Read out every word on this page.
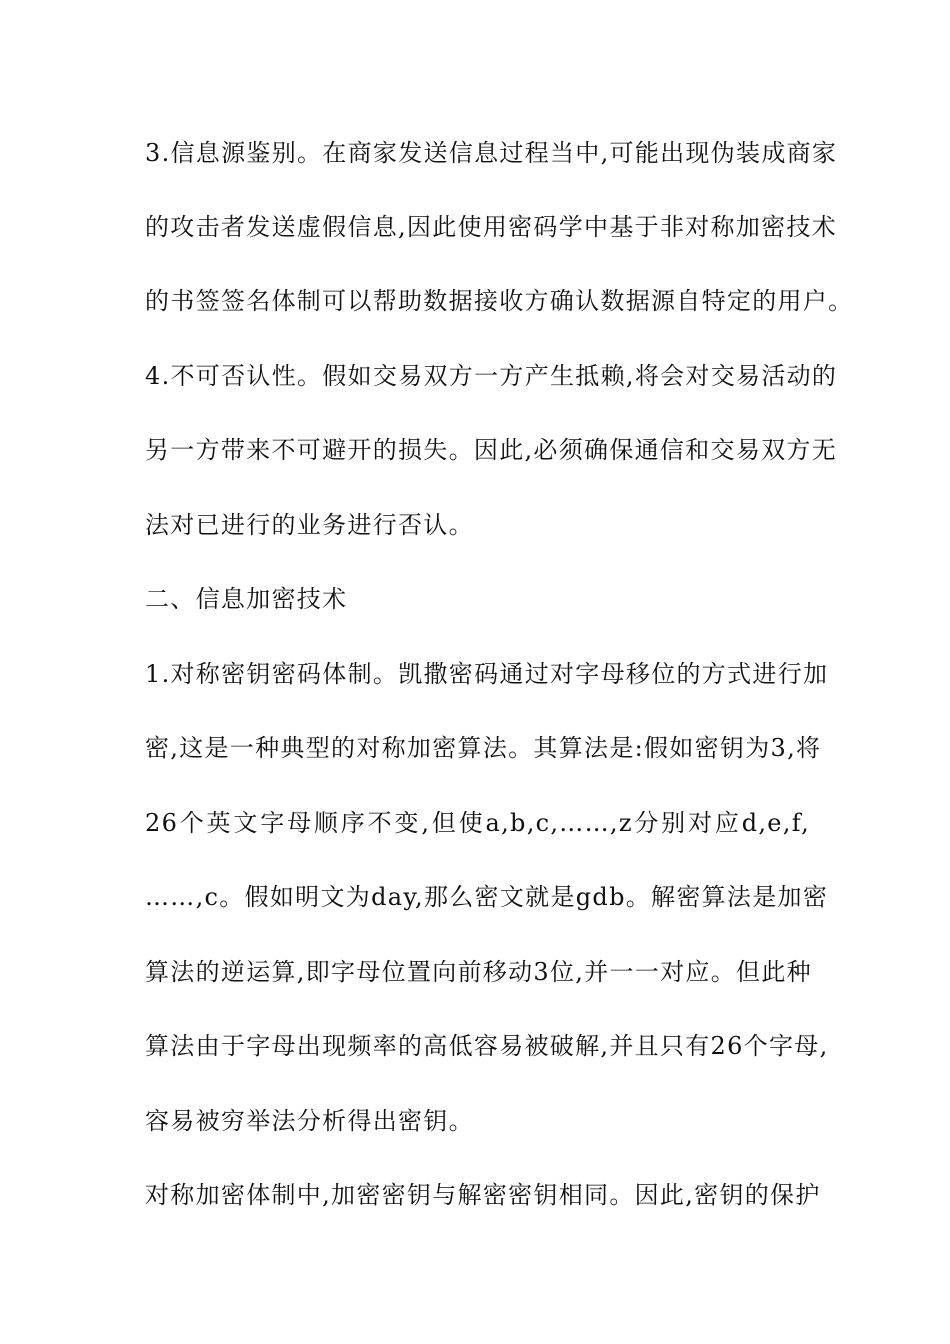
3.信息源鉴别。在商家发送信息过程当中,可能出现伪装成商家
的攻击者发送虚假信息,因此使用密码学中基于非对称加密技术
的书签签名体制可以帮助数据接收方确认数据源自特定的用户。
4.不可否认性。假如交易双方一方产生抵赖,将会对交易活动的
另一方带来不可避开的损失。因此,必须确保通信和交易双方无
法对已进行的业务进行否认。
二、信息加密技术
1.对称密钥密码体制。凯撒密码通过对字母移位的方式进行加
密,这是一种典型的对称加密算法。其算法是:假如密钥为3,将
26个英文字母顺序不变,但使a,b,c,……,z分别对应d,e,f,
……,c。假如明文为day,那么密文就是gdb。解密算法是加密
算法的逆运算,即字母位置向前移动3位,并一一对应。但此种
算法由于字母出现频率的高低容易被破解,并且只有26个字母,
容易被穷举法分析得出密钥。
对称加密体制中,加密密钥与解密密钥相同。因此,密钥的保护
